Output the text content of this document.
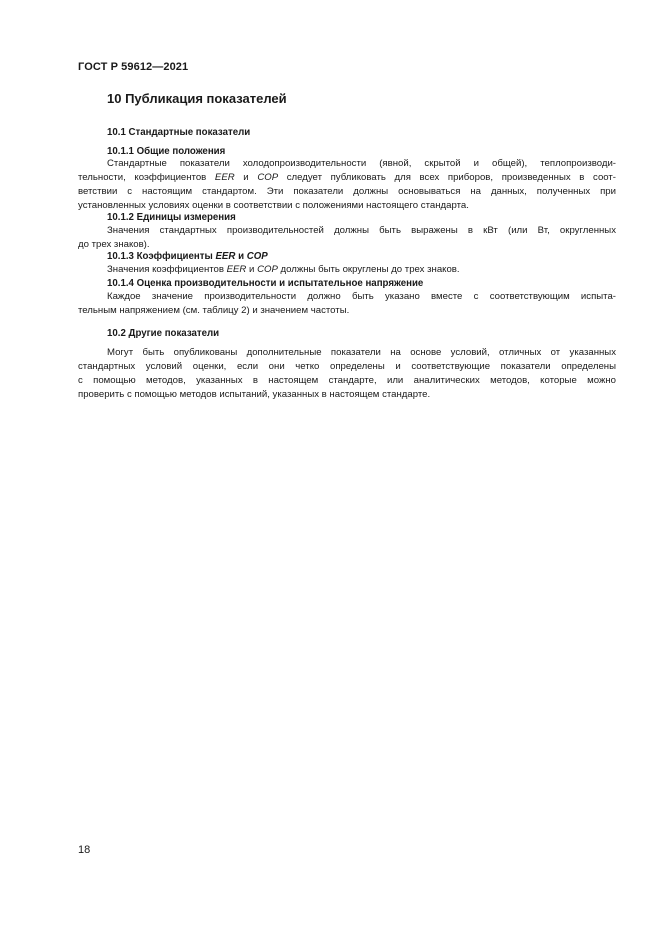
ГОСТ Р 59612—2021
10 Публикация показателей
10.1 Стандартные показатели
10.1.1 Общие положения
Стандартные показатели холодопроизводительности (явной, скрытой и общей), теплопроизводи-
тельности, коэффициентов EER и COP следует публиковать для всех приборов, произведенных в соот-
ветствии с настоящим стандартом. Эти показатели должны основываться на данных, полученных при
установленных условиях оценки в соответствии с положениями настоящего стандарта.
10.1.2 Единицы измерения
Значения стандартных производительностей должны быть выражены в кВт (или Вт, округленных
до трех знаков).
10.1.3 Коэффициенты EER и COP
Значения коэффициентов EER и COP должны быть округлены до трех знаков.
10.1.4 Оценка производительности и испытательное напряжение
Каждое значение производительности должно быть указано вместе с соответствующим испыта-
тельным напряжением (см. таблицу 2) и значением частоты.
10.2 Другие показатели
Могут быть опубликованы дополнительные показатели на основе условий, отличных от указанных
стандартных условий оценки, если они четко определены и соответствующие показатели определены
с помощью методов, указанных в настоящем стандарте, или аналитических методов, которые можно
проверить с помощью методов испытаний, указанных в настоящем стандарте.
18
